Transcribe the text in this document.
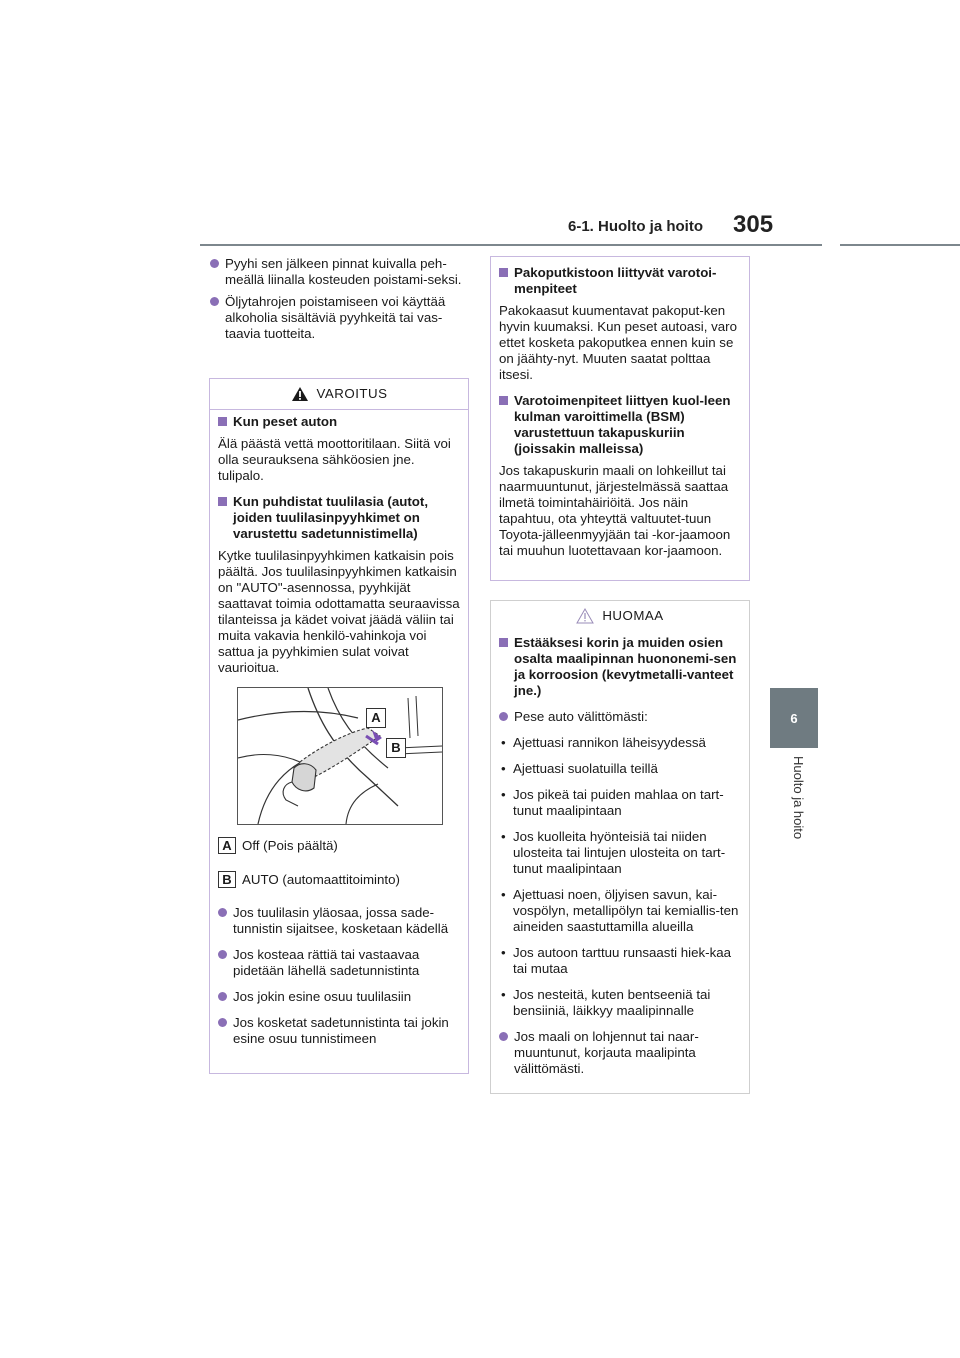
6-1. Huolto ja hoito 305
6
Huolto ja hoito

Pyyhi sen jälkeen pinnat kuivalla peh-meällä liinalla kosteuden poistami-seksi.

Öljytahrojen poistamiseen voi käyttää alkoholia sisältäviä pyyhkeitä tai vas-taavia tuotteita.

VAROITUS

Kun peset auton

Älä päästä vettä moottoritilaan. Siitä voi olla seurauksena sähköosien jne. tulipalo.

Kun puhdistat tuulilasia (autot, joiden tuulilasinpyyhkimet on varustettu sadetunnistimella)

Kytke tuulilasinpyyhkimen katkaisin pois päältä. Jos tuulilasinpyyhkimen katkaisin on "AUTO"-asennossa, pyyhkijät saattavat toimia odottamatta seuraavissa tilanteissa ja kädet voivat jäädä väliin tai muita vakavia henkilö-vahinkoja voi sattua ja pyyhkimien sulat voivat vaurioitua.

A
B
A Off (Pois päältä)
B AUTO (automaattitoiminto)

Jos tuulilasin yläosaa, jossa sade-tunnistin sijaitsee, kosketaan kädellä

Jos kosteaa rättiä tai vastaavaa pidetään lähellä sadetunnistinta

Jos jokin esine osuu tuulilasiin

Jos kosketat sadetunnistinta tai jokin esine osuu tunnistimeen

Pakoputkistoon liittyvät varotoi-menpiteet

Pakokaasut kuumentavat pakoput-ken hyvin kuumaksi. Kun peset autoasi, varo ettet kosketa pakoputkea ennen kuin se on jäähty-nyt. Muuten saatat polttaa itsesi.

Varotoimenpiteet liittyen kuol-leen kulman varoittimella (BSM) varustettuun takapuskuriin (joissakin malleissa)

Jos takapuskurin maali on lohkeillut tai naarmuuntunut, järjestelmässä saattaa ilmetä toimintahäiriöitä. Jos näin tapahtuu, ota yhteyttä valtuutet-tuun Toyota-jälleenmyyjään tai -kor-jaamoon tai muuhun luotettavaan kor-jaamoon.

HUOMAA

Estääksesi korin ja muiden osien osalta maalipinnan huononemi-sen ja korroosion (kevytmetalli-vanteet jne.)

Pese auto välittömästi:

• Ajettuasi rannikon läheisyydessä

• Ajettuasi suolatuilla teillä

• Jos pikeä tai puiden mahlaa on tart-tunut maalipintaan

• Jos kuolleita hyönteisiä tai niiden ulosteita tai lintujen ulosteita on tart-tunut maalipintaan

• Ajettuasi noen, öljyisen savun, kai-vospölyn, metallipölyn tai kemiallis-ten aineiden saastuttamilla alueilla

• Jos autoon tarttuu runsaasti hiek-kaa tai mutaa

• Jos nesteitä, kuten bentseeniä tai bensiiniä, läikkyy maalipinnalle

Jos maali on lohjennut tai naar-muuntunut, korjauta maalipinta välittömästi.
